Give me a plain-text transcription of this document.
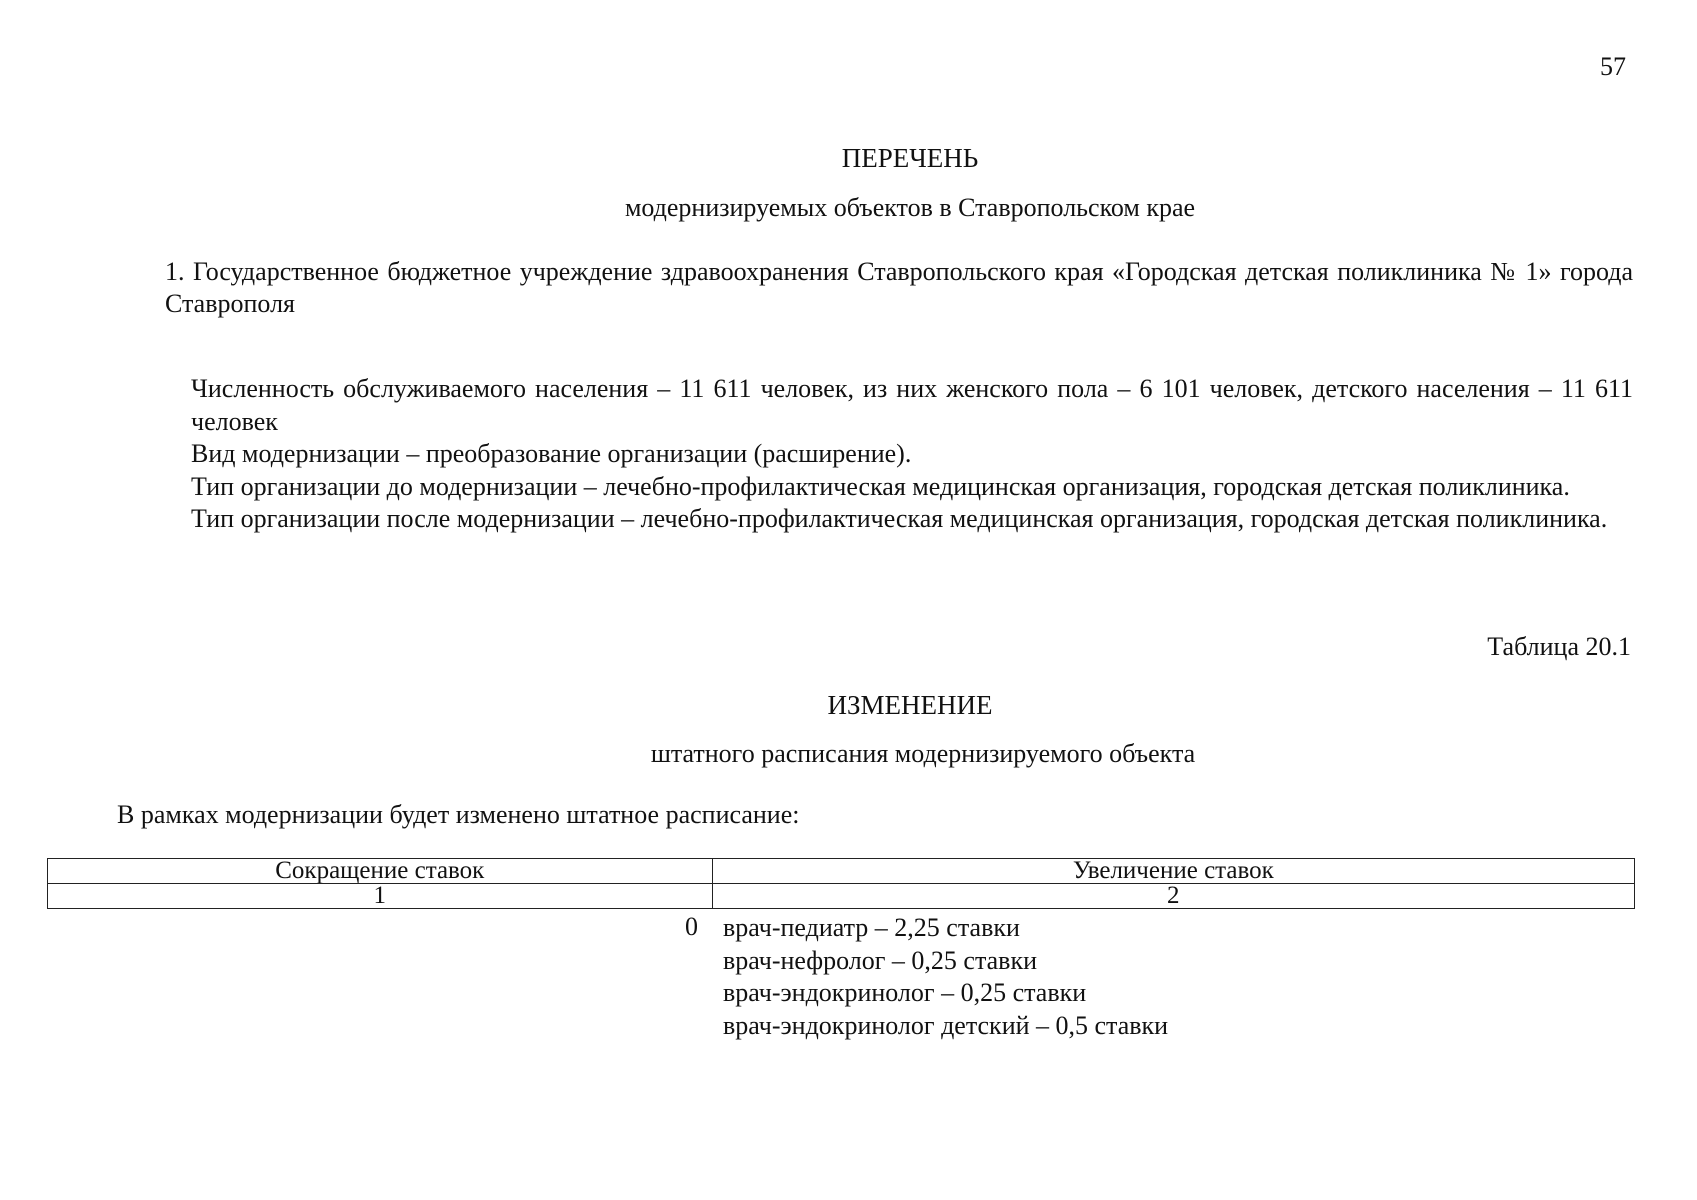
57
ПЕРЕЧЕНЬ
модернизируемых объектов в Ставропольском крае
1. Государственное бюджетное учреждение здравоохранения Ставропольского края «Городская детская поликлиника № 1» города Ставрополя

Численность обслуживаемого населения – 11 611 человек, из них женского пола – 6 101 человек, детского населения – 11 611 человек

Вид модернизации – преобразование организации (расширение).

Тип организации до модернизации – лечебно-профилактическая медицинская организация, городская детская поликлиника.

Тип организации после модернизации – лечебно-профилактическая медицинская организация, городская детская поликлиника.

Таблица 20.1
ИЗМЕНЕНИЕ
штатного расписания модернизируемого объекта
В рамках модернизации будет изменено штатное расписание:
Сокращение ставок	Увеличение ставок
1	2
0 врач-педиатр – 2,25 ставки
врач-нефролог – 0,25 ставки
врач-эндокринолог – 0,25 ставки
врач-эндокринолог детский – 0,5 ставки
